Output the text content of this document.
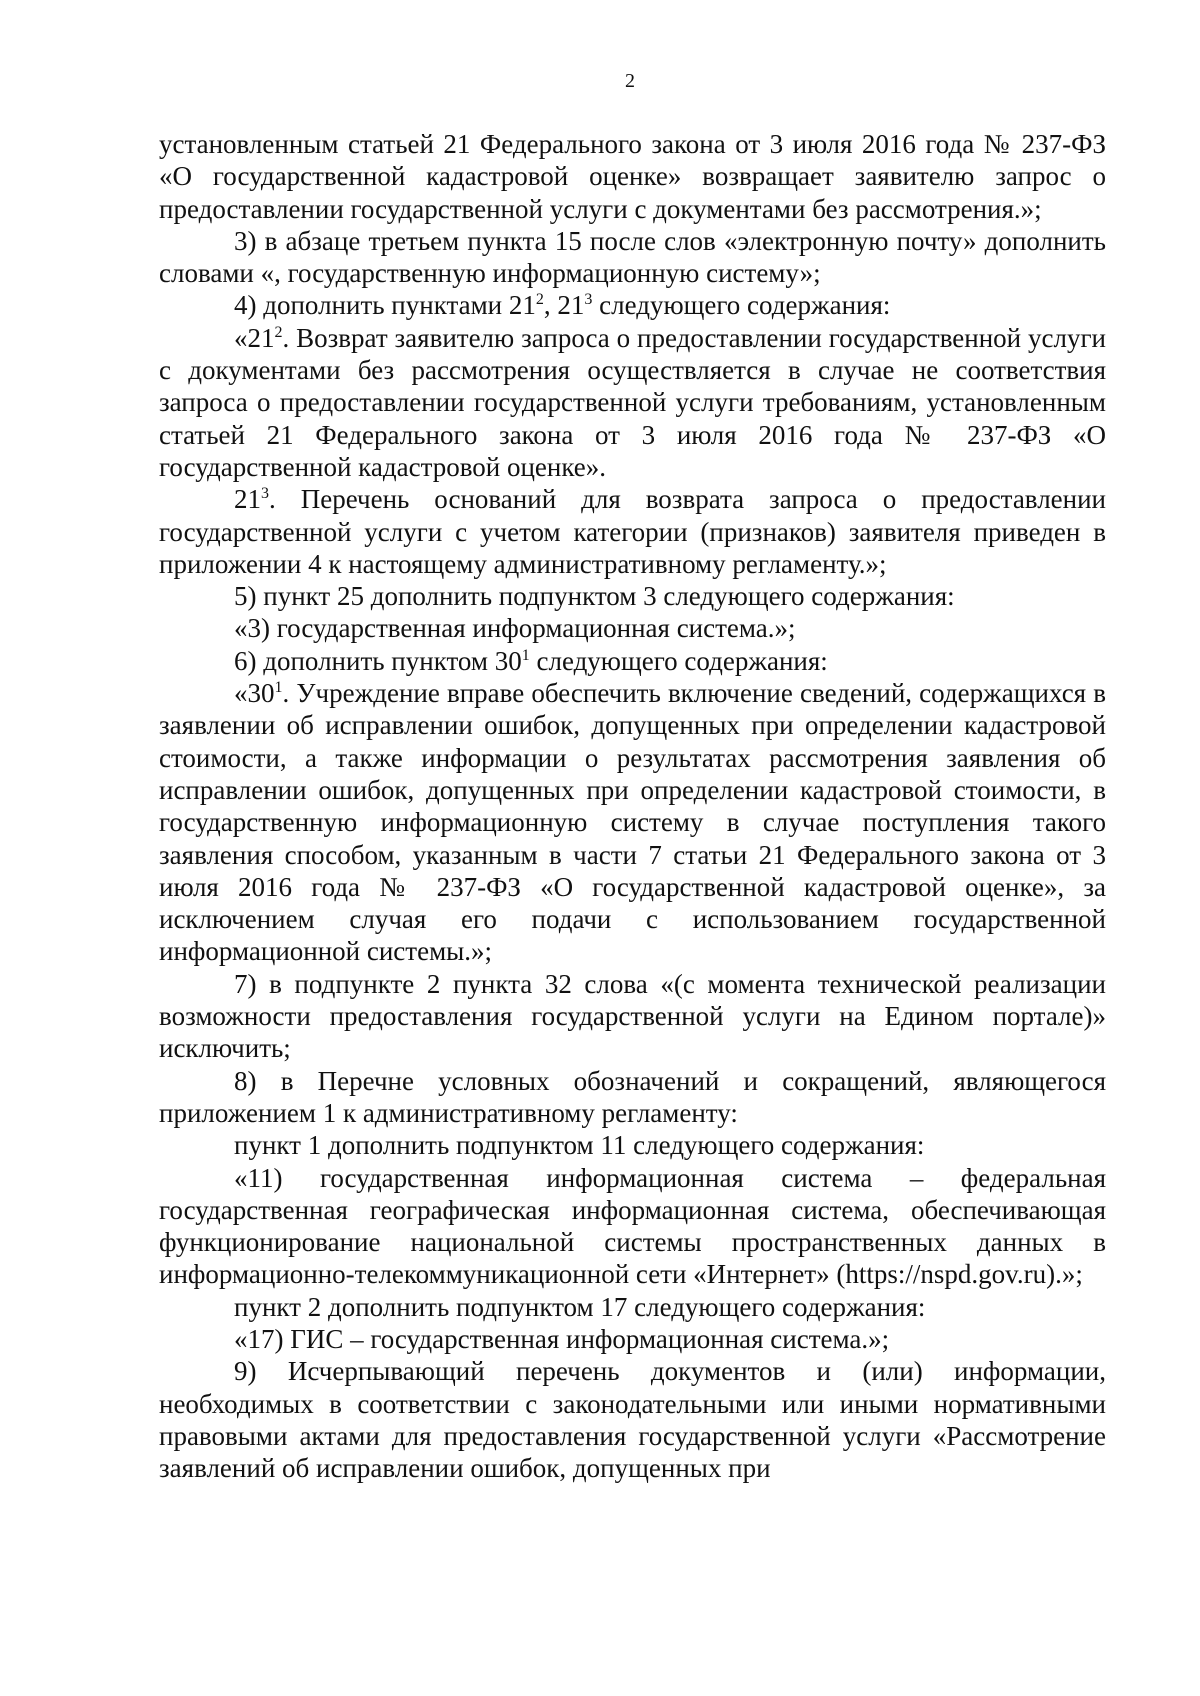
2

установленным статьей 21 Федерального закона от 3 июля 2016 года № 237-ФЗ «О государственной кадастровой оценке» возвращает заявителю запрос о предоставлении государственной услуги с документами без рассмотрения.»;

3) в абзаце третьем пункта 15 после слов «электронную почту» дополнить словами «, государственную информационную систему»;

4) дополнить пунктами $21^2$, $21^3$ следующего содержания:

«$21^2$. Возврат заявителю запроса о предоставлении государственной услуги с документами без рассмотрения осуществляется в случае не соответствия запроса о предоставлении государственной услуги требованиям, установленным статьей 21 Федерального закона от 3 июля 2016 года № 237-ФЗ «О государственной кадастровой оценке».

$21^3$. Перечень оснований для возврата запроса о предоставлении государственной услуги с учетом категории (признаков) заявителя приведен в приложении 4 к настоящему административному регламенту.»;

5) пункт 25 дополнить подпунктом 3 следующего содержания:

«3) государственная информационная система.»;

6) дополнить пунктом $30^1$ следующего содержания:

«$30^1$. Учреждение вправе обеспечить включение сведений, содержащихся в заявлении об исправлении ошибок, допущенных при определении кадастровой стоимости, а также информации о результатах рассмотрения заявления об исправлении ошибок, допущенных при определении кадастровой стоимости, в государственную информационную систему в случае поступления такого заявления способом, указанным в части 7 статьи 21 Федерального закона от 3 июля 2016 года № 237-ФЗ «О государственной кадастровой оценке», за исключением случая его подачи с использованием государственной информационной системы.»;

7) в подпункте 2 пункта 32 слова «(с момента технической реализации возможности предоставления государственной услуги на Едином портале)» исключить;

8) в Перечне условных обозначений и сокращений, являющегося приложением 1 к административному регламенту:

пункт 1 дополнить подпунктом 11 следующего содержания:

«11) государственная информационная система – федеральная государственная географическая информационная система, обеспечивающая функционирование национальной системы пространственных данных в информационно-телекоммуникационной сети «Интернет» (https://nspd.gov.ru).»;

пункт 2 дополнить подпунктом 17 следующего содержания:

«17) ГИС – государственная информационная система.»;

9) Исчерпывающий перечень документов и (или) информации, необходимых в соответствии с законодательными или иными нормативными правовыми актами для предоставления государственной услуги «Рассмотрение заявлений об исправлении ошибок, допущенных при
